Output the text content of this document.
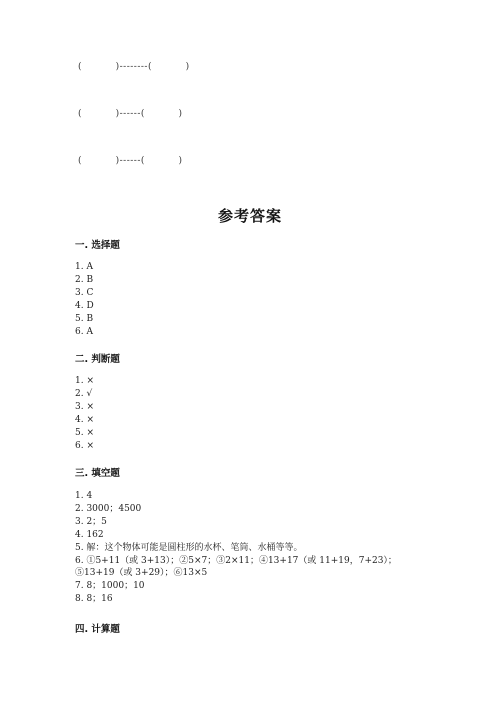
(          )--------(          )
(          )------(          )
(          )------(          )
参考答案
一. 选择题
1. A
2. B
3. C
4. D
5. B
6. A
二. 判断题
1. ×
2. √
3. ×
4. ×
5. ×
6. ×
三. 填空题
1. 4
2. 3000；4500
3. 2；5
4. 162
5. 解：这个物体可能是圆柱形的水杯、笔筒、水桶等等。
6. ①5+11（或 3+13）；②5×7；③2×11；④13+17（或 11+19，7+23）；
⑤13+19（或 3+29）；⑥13×5
7. 8；1000；10
8. 8；16
四. 计算题
